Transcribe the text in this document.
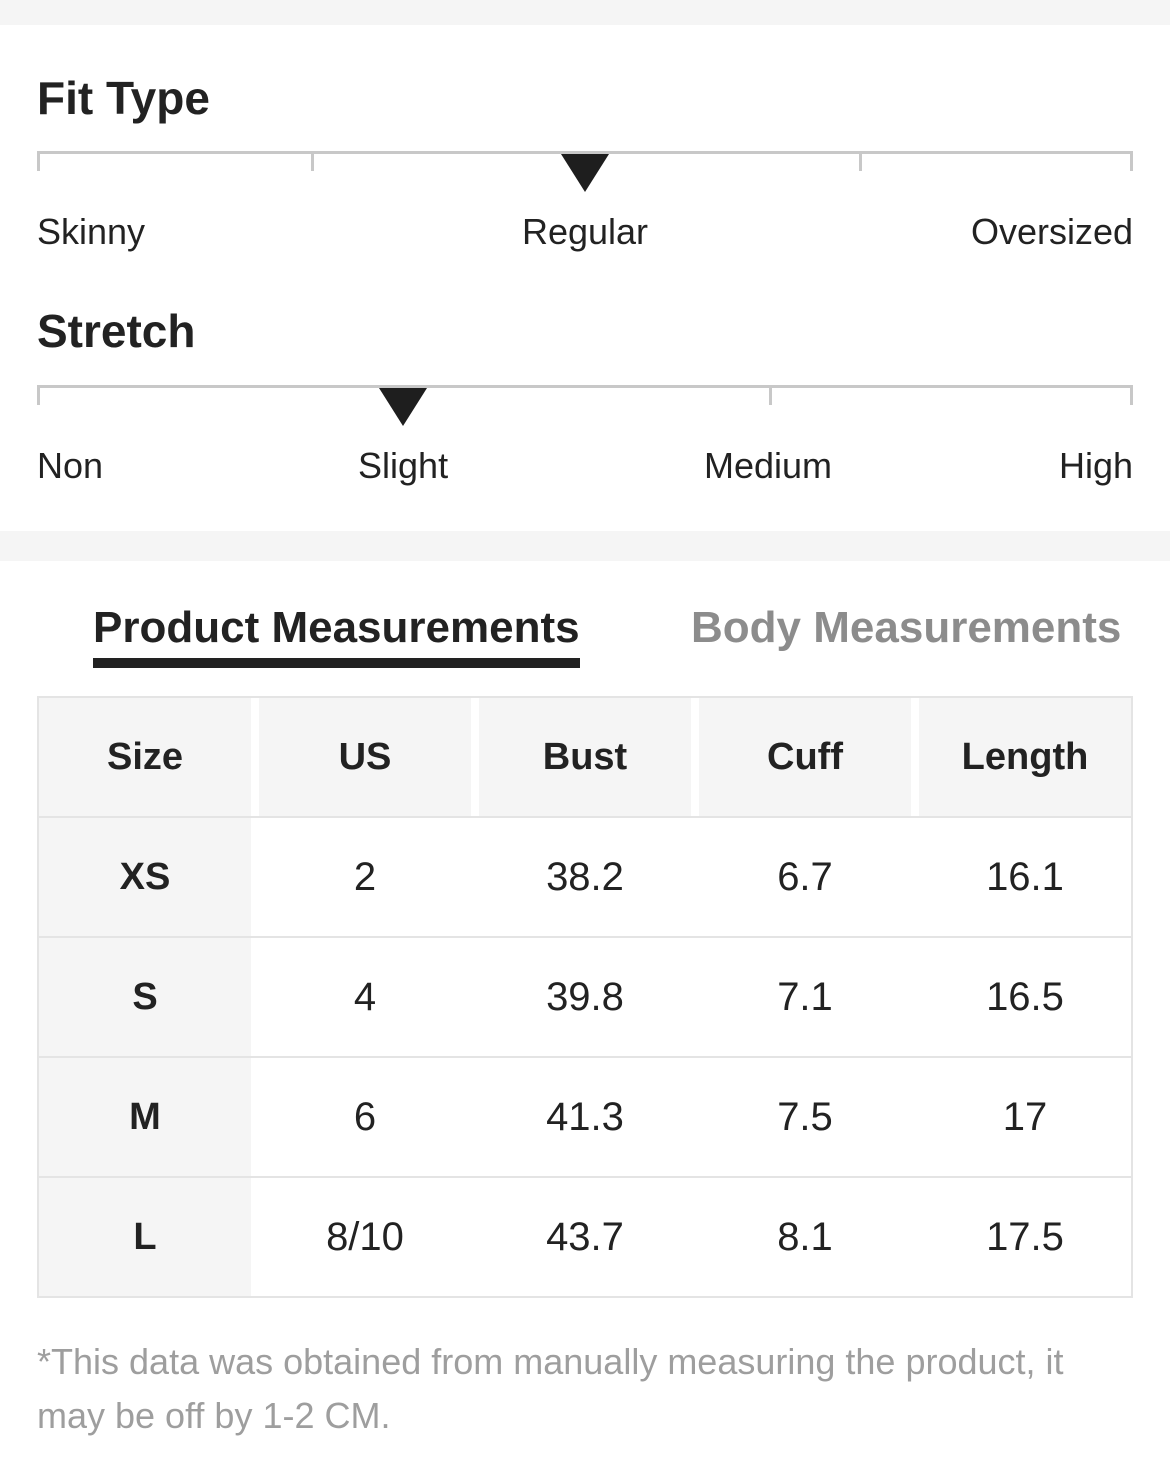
Fit Type
Skinny	Regular	Oversized
Stretch
Non	Slight	Medium	High
Product Measurements	Body Measurements
Size	US	Bust	Cuff	Length
XS	2	38.2	6.7	16.1
S	4	39.8	7.1	16.5
M	6	41.3	7.5	17
L	8/10	43.7	8.1	17.5

*This data was obtained from manually measuring the product, it may be off by 1-2 CM.
